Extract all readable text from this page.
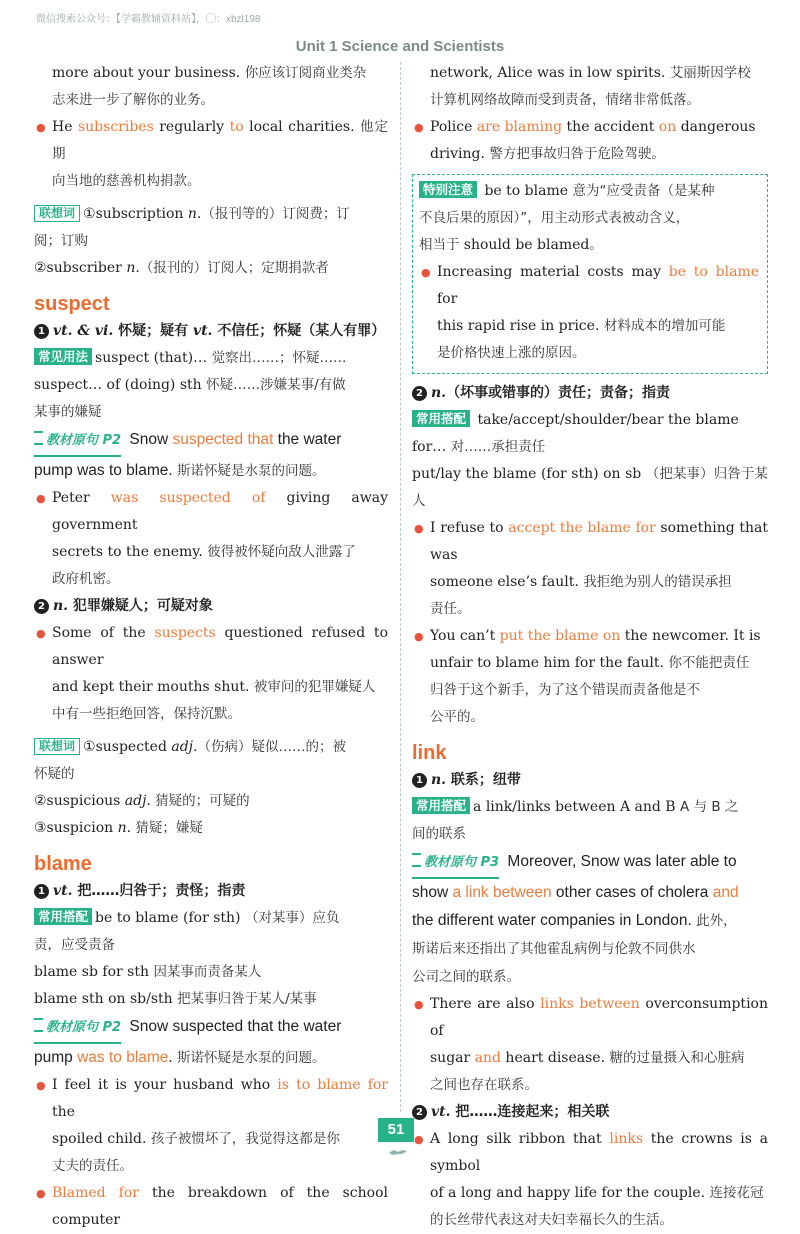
微信搜索公众号：【学霸教辅资料站】，◯：xbzl198
Unit 1 Science and Scientists

more about your business. 你应该订阅商业类杂
志来进一步了解你的业务。

● He subscribes regularly to local charities. 他定期
向当地的慈善机构捐款。

联想词 ①subscription n.（报刊等的）订阅费；订
阅；订购
②subscriber n.（报刊的）订阅人；定期捐款者

suspect

1 vt. & vi. 怀疑；疑有 vt. 不信任；怀疑（某人有罪）

常见用法 suspect (that)… 觉察出……；怀疑……
suspect… of (doing) sth 怀疑……涉嫌某事/有做
某事的嫌疑

教材原句 P2 Snow suspected that the water
pump was to blame. 斯诺怀疑是水泵的问题。

● Peter was suspected of giving away government
secrets to the enemy. 彼得被怀疑向敌人泄露了
政府机密。

2 n. 犯罪嫌疑人；可疑对象

● Some of the suspects questioned refused to answer
and kept their mouths shut. 被审问的犯罪嫌疑人
中有一些拒绝回答，保持沉默。

联想词 ①suspected adj.（伤病）疑似……的；被
怀疑的
②suspicious adj. 猜疑的；可疑的
③suspicion n. 猜疑；嫌疑

blame

1 vt. 把……归咎于；责怪；指责

常用搭配 be to blame (for sth) （对某事）应负
责，应受责备
blame sb for sth 因某事而责备某人
blame sth on sb/sth 把某事归咎于某人/某事

教材原句 P2 Snow suspected that the water
pump was to blame. 斯诺怀疑是水泵的问题。

● I feel it is your husband who is to blame for the
spoiled child. 孩子被惯坏了，我觉得这都是你
丈夫的责任。

● Blamed for the breakdown of the school computer

network, Alice was in low spirits. 艾丽斯因学校
计算机网络故障而受到责备，情绪非常低落。

● Police are blaming the accident on dangerous
driving. 警方把事故归咎于危险驾驶。

特别注意 be to blame 意为“应受责备（是某种
不良后果的原因）”，用主动形式表被动含义，
相当于 should be blamed。

● Increasing material costs may be to blame for
this rapid rise in price. 材料成本的增加可能
是价格快速上涨的原因。

2 n.（坏事或错事的）责任；责备；指责

常用搭配 take/accept/shoulder/bear the blame
for… 对……承担责任
put/lay the blame (for sth) on sb （把某事）归咎于某人

● I refuse to accept the blame for something that was
someone else’s fault. 我拒绝为别人的错误承担
责任。

● You can’t put the blame on the newcomer. It is
unfair to blame him for the fault. 你不能把责任
归咎于这个新手，为了这个错误而责备他是不
公平的。

link

1 n. 联系；纽带

常用搭配 a link/links between A and B A 与 B 之
间的联系

教材原句 P3 Moreover, Snow was later able to
show a link between other cases of cholera and
the different water companies in London. 此外，
斯诺后来还指出了其他霍乱病例与伦敦不同供水
公司之间的联系。

● There are also links between overconsumption of
sugar and heart disease. 糖的过量摄入和心脏病
之间也存在联系。

2 vt. 把……连接起来；相关联

● A long silk ribbon that links the crowns is a symbol
of a long and happy life for the couple. 连接花冠
的长丝带代表这对夫妇幸福长久的生活。

51
